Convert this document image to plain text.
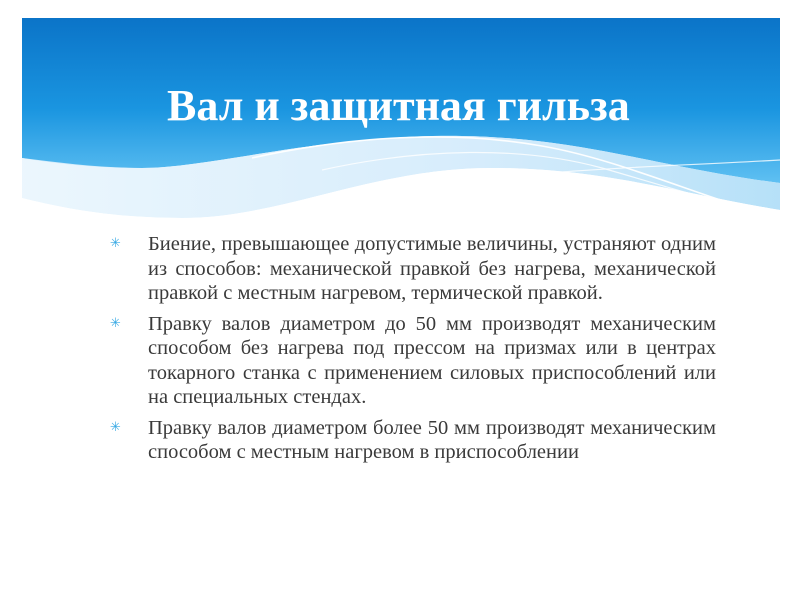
Вал и защитная гильза
✳ Биение, превышающее допустимые величины, устраняют одним из способов: механической правкой без нагрева, механической правкой с местным нагревом, термической правкой.
✳ Правку валов диаметром до 50 мм производят механическим способом без нагрева под прессом на призмах или в центрах токарного станка с применением силовых приспособлений или на специальных стендах.
✳ Правку валов диаметром более 50 мм производят механическим способом с местным нагревом в приспособлении
